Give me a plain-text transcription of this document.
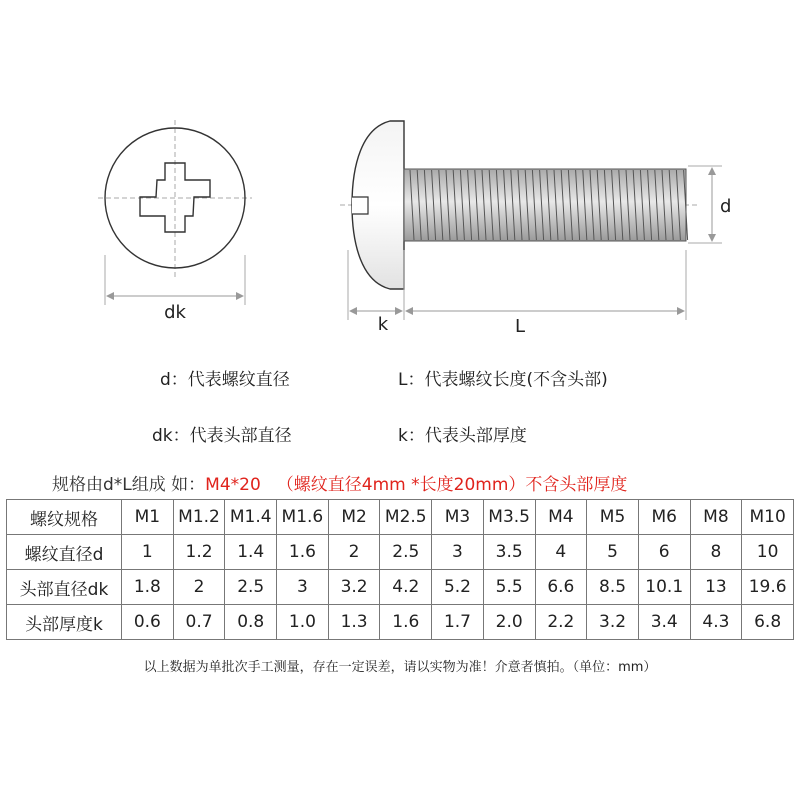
dk
d
k	L
d：代表螺纹直径	L：代表螺纹长度(不含头部)
dk：代表头部直径	k：代表头部厚度
规格由d*L组成 如：M4*20 （螺纹直径4mm *长度20mm）不含头部厚度
螺纹规格	M1	M1.2	M1.4	M1.6	M2	M2.5	M3	M3.5	M4	M5	M6	M8	M10
螺纹直径d	1	1.2	1.4	1.6	2	2.5	3	3.5	4	5	6	8	10
头部直径dk	1.8	2	2.5	3	3.2	4.2	5.2	5.5	6.6	8.5	10.1	13	19.6
头部厚度k	0.6	0.7	0.8	1.0	1.3	1.6	1.7	2.0	2.2	3.2	3.4	4.3	6.8
以上数据为单批次手工测量，存在一定误差，请以实物为准！介意者慎拍。（单位：mm）
